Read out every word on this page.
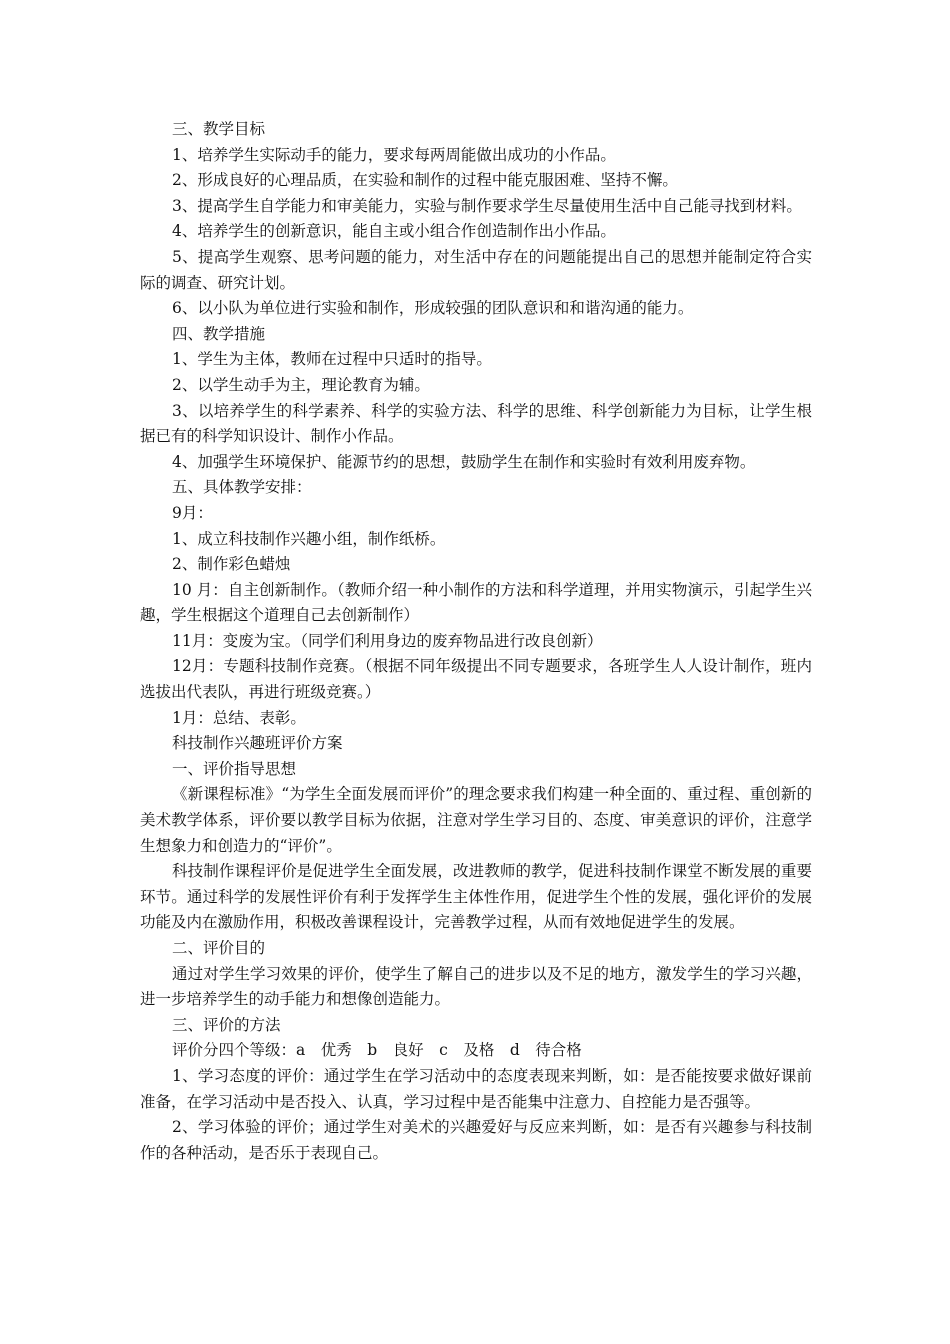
三、教学目标

1、培养学生实际动手的能力，要求每两周能做出成功的小作品。

2、形成良好的心理品质，在实验和制作的过程中能克服困难、坚持不懈。

3、提高学生自学能力和审美能力，实验与制作要求学生尽量使用生活中自己能寻找到材料。

4、培养学生的创新意识，能自主或小组合作创造制作出小作品。

5、提高学生观察、思考问题的能力，对生活中存在的问题能提出自己的思想并能制定符合实际的调查、研究计划。

6、以小队为单位进行实验和制作，形成较强的团队意识和和谐沟通的能力。

四、教学措施

1、学生为主体，教师在过程中只适时的指导。

2、以学生动手为主，理论教育为辅。

3、以培养学生的科学素养、科学的实验方法、科学的思维、科学创新能力为目标，让学生根据已有的科学知识设计、制作小作品。

4、加强学生环境保护、能源节约的思想，鼓励学生在制作和实验时有效利用废弃物。

五、具体教学安排：

9月：

1、成立科技制作兴趣小组，制作纸桥。

2、制作彩色蜡烛

10 月：自主创新制作。（教师介绍一种小制作的方法和科学道理，并用实物演示，引起学生兴趣，学生根据这个道理自己去创新制作）

11月：变废为宝。（同学们利用身边的废弃物品进行改良创新）

12月：专题科技制作竞赛。（根据不同年级提出不同专题要求，各班学生人人设计制作，班内选拔出代表队，再进行班级竞赛。）

1月：总结、表彰。

科技制作兴趣班评价方案

一、评价指导思想

《新课程标准》“为学生全面发展而评价”的理念要求我们构建一种全面的、重过程、重创新的美术教学体系，评价要以教学目标为依据，注意对学生学习目的、态度、审美意识的评价，注意学生想象力和创造力的“评价”。

科技制作课程评价是促进学生全面发展，改进教师的教学，促进科技制作课堂不断发展的重要环节。通过科学的发展性评价有利于发挥学生主体性作用，促进学生个性的发展，强化评价的发展功能及内在激励作用，积极改善课程设计，完善教学过程，从而有效地促进学生的发展。

二、评价目的

通过对学生学习效果的评价，使学生了解自己的进步以及不足的地方，激发学生的学习兴趣，进一步培养学生的动手能力和想像创造能力。

三、评价的方法

评价分四个等级：a　优秀　b　良好　c　及格　d　待合格

1、学习态度的评价：通过学生在学习活动中的态度表现来判断，如：是否能按要求做好课前准备，在学习活动中是否投入、认真，学习过程中是否能集中注意力、自控能力是否强等。

2、学习体验的评价；通过学生对美术的兴趣爱好与反应来判断，如：是否有兴趣参与科技制作的各种活动，是否乐于表现自己。
